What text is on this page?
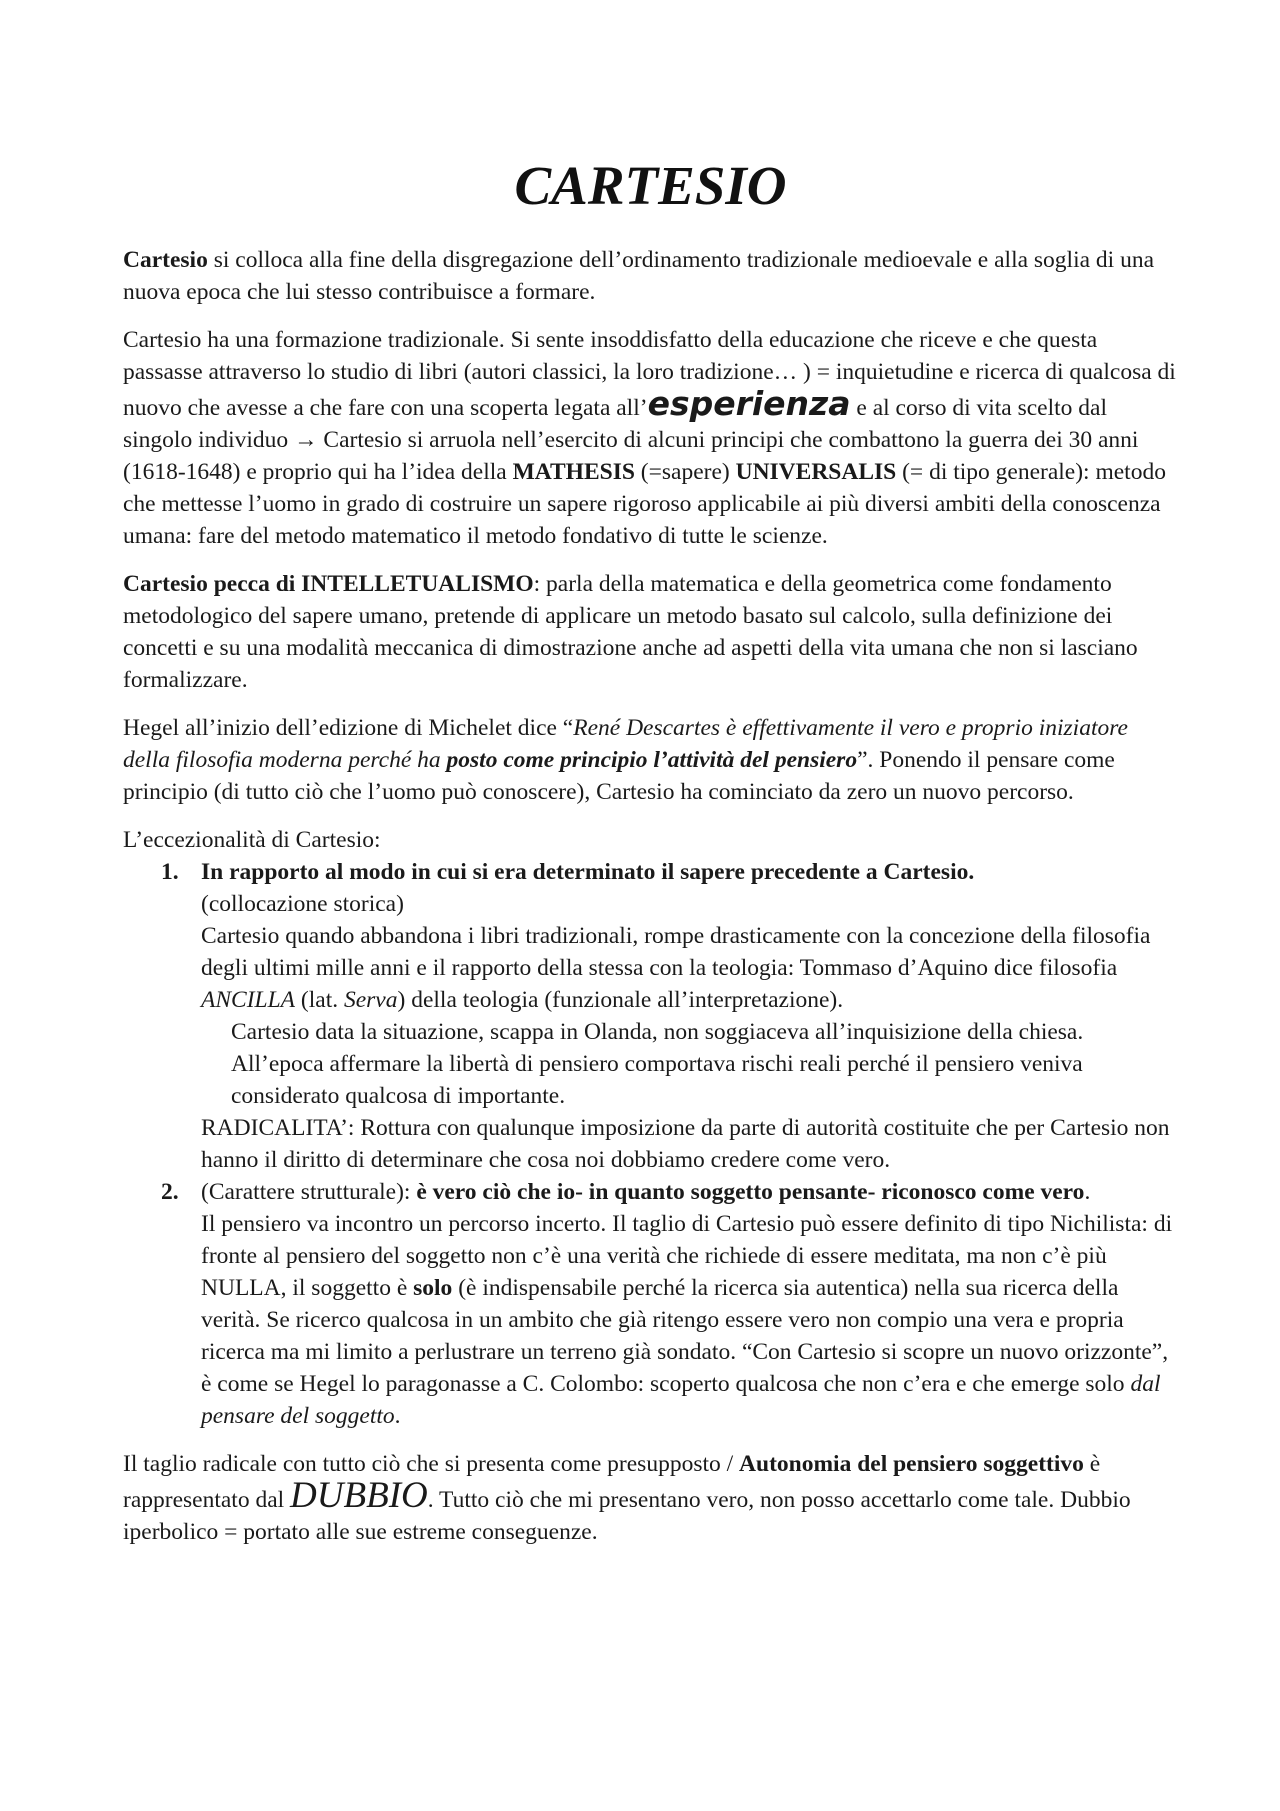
CARTESIO

Cartesio si colloca alla fine della disgregazione dell’ordinamento tradizionale medioevale e alla soglia di una nuova epoca che lui stesso contribuisce a formare.

Cartesio ha una formazione tradizionale. Si sente insoddisfatto della educazione che riceve e che questa passasse attraverso lo studio di libri (autori classici, la loro tradizione… ) = inquietudine e ricerca di qualcosa di nuovo che avesse a che fare con una scoperta legata all’esperienza e al corso di vita scelto dal singolo individuo → Cartesio si arruola nell’esercito di alcuni principi che combattono la guerra dei 30 anni (1618-1648) e proprio qui ha l’idea della MATHESIS (=sapere) UNIVERSALIS (= di tipo generale): metodo che mettesse l’uomo in grado di costruire un sapere rigoroso applicabile ai più diversi ambiti della conoscenza umana: fare del metodo matematico il metodo fondativo di tutte le scienze.

Cartesio pecca di INTELLETUALISMO: parla della matematica e della geometrica come fondamento metodologico del sapere umano, pretende di applicare un metodo basato sul calcolo, sulla definizione dei concetti e su una modalità meccanica di dimostrazione anche ad aspetti della vita umana che non si lasciano formalizzare.

Hegel all’inizio dell’edizione di Michelet dice “René Descartes è effettivamente il vero e proprio iniziatore della filosofia moderna perché ha posto come principio l’attività del pensiero”. Ponendo il pensare come principio (di tutto ciò che l’uomo può conoscere), Cartesio ha cominciato da zero un nuovo percorso.

L’eccezionalità di Cartesio:

1. In rapporto al modo in cui si era determinato il sapere precedente a Cartesio.
(collocazione storica)
Cartesio quando abbandona i libri tradizionali, rompe drasticamente con la concezione della filosofia degli ultimi mille anni e il rapporto della stessa con la teologia: Tommaso d’Aquino dice filosofia ANCILLA (lat. Serva) della teologia (funzionale all’interpretazione).
Cartesio data la situazione, scappa in Olanda, non soggiaceva all’inquisizione della chiesa. All’epoca affermare la libertà di pensiero comportava rischi reali perché il pensiero veniva considerato qualcosa di importante.
RADICALITA’: Rottura con qualunque imposizione da parte di autorità costituite che per Cartesio non hanno il diritto di determinare che cosa noi dobbiamo credere come vero.
2. (Carattere strutturale): è vero ciò che io- in quanto soggetto pensante- riconosco come vero.
Il pensiero va incontro un percorso incerto. Il taglio di Cartesio può essere definito di tipo Nichilista: di fronte al pensiero del soggetto non c’è una verità che richiede di essere meditata, ma non c’è più NULLA, il soggetto è solo (è indispensabile perché la ricerca sia autentica) nella sua ricerca della verità. Se ricerco qualcosa in un ambito che già ritengo essere vero non compio una vera e propria ricerca ma mi limito a perlustrare un terreno già sondato. “Con Cartesio si scopre un nuovo orizzonte”, è come se Hegel lo paragonasse a C. Colombo: scoperto qualcosa che non c’era e che emerge solo dal pensare del soggetto.

Il taglio radicale con tutto ciò che si presenta come presupposto / Autonomia del pensiero soggettivo è rappresentato dal DUBBIO. Tutto ciò che mi presentano vero, non posso accettarlo come tale. Dubbio iperbolico = portato alle sue estreme conseguenze.
